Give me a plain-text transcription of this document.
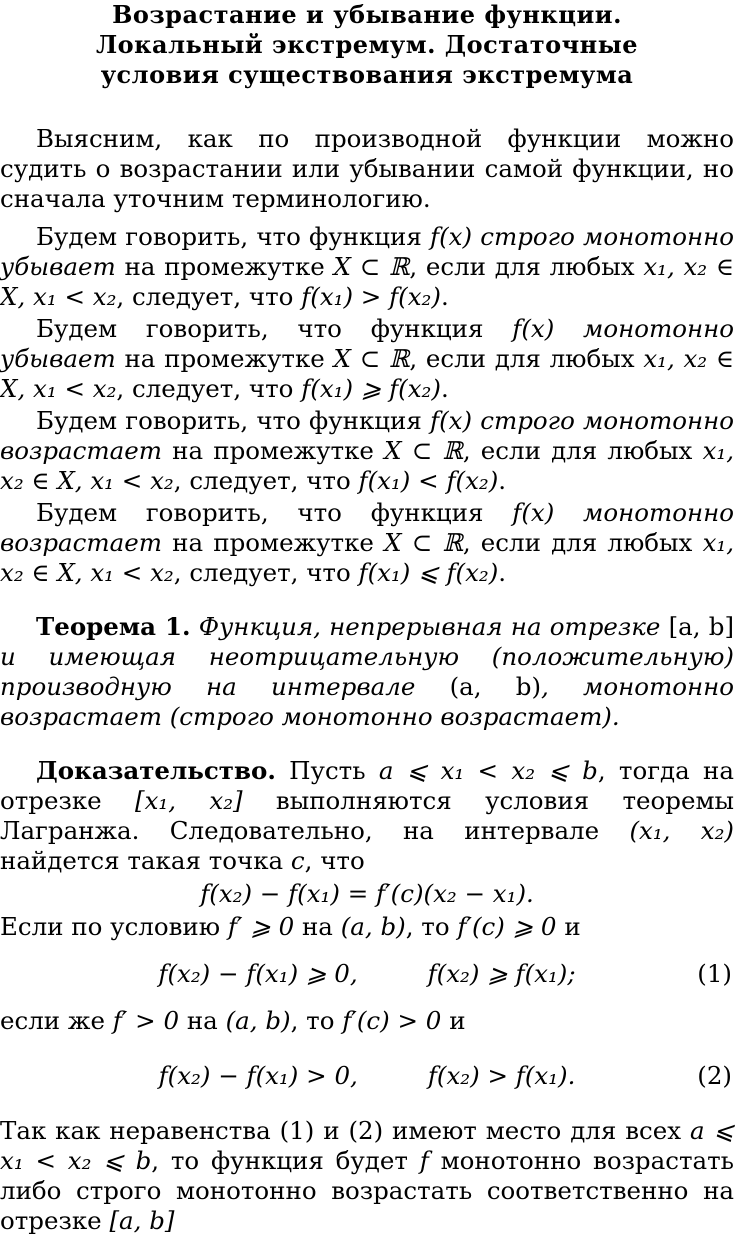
Возрастание и убывание функции.
Локальный экстремум. Достаточные
условия существования экстремума

Выясним, как по производной функции можно судить о возрастании или убывании самой функции, но сначала уточним терминологию.

Будем говорить, что функция f(x) строго монотонно убывает на промежутке X ⊂ ℝ, если для любых x₁, x₂ ∈ X, x₁ < x₂, следует, что f(x₁) > f(x₂).

Будем говорить, что функция f(x) монотонно убывает на промежутке X ⊂ ℝ, если для любых x₁, x₂ ∈ X, x₁ < x₂, следует, что f(x₁) ⩾ f(x₂).

Будем говорить, что функция f(x) строго монотонно возрастает на промежутке X ⊂ ℝ, если для любых x₁, x₂ ∈ X, x₁ < x₂, следует, что f(x₁) < f(x₂).

Будем говорить, что функция f(x) монотонно возрастает на промежутке X ⊂ ℝ, если для любых x₁, x₂ ∈ X, x₁ < x₂, следует, что f(x₁) ⩽ f(x₂).

Теорема 1. Функция, непрерывная на отрезке [a, b] и имеющая неотрицательную (положительную) производную на интервале (a, b), монотонно возрастает (строго монотонно возрастает).

Доказательство. Пусть a ⩽ x₁ < x₂ ⩽ b, тогда на отрезке [x₁, x₂] выполняются условия теоремы Лагранжа. Следовательно, на интервале (x₁, x₂) найдется такая точка c, что

f(x₂) − f(x₁) = f′(c)(x₂ − x₁).

Если по условию f′ ⩾ 0 на (a, b), то f′(c) ⩾ 0 и

f(x₂) − f(x₁) ⩾ 0,	f(x₂) ⩾ f(x₁);	(1)

если же f′ > 0 на (a, b), то f′(c) > 0 и

f(x₂) − f(x₁) > 0,	f(x₂) > f(x₁).	(2)

Так как неравенства (1) и (2) имеют место для всех a ⩽ x₁ < x₂ ⩽ b, то функция будет f монотонно возрастать либо строго монотонно возрастать соответственно на отрезке [a, b]
